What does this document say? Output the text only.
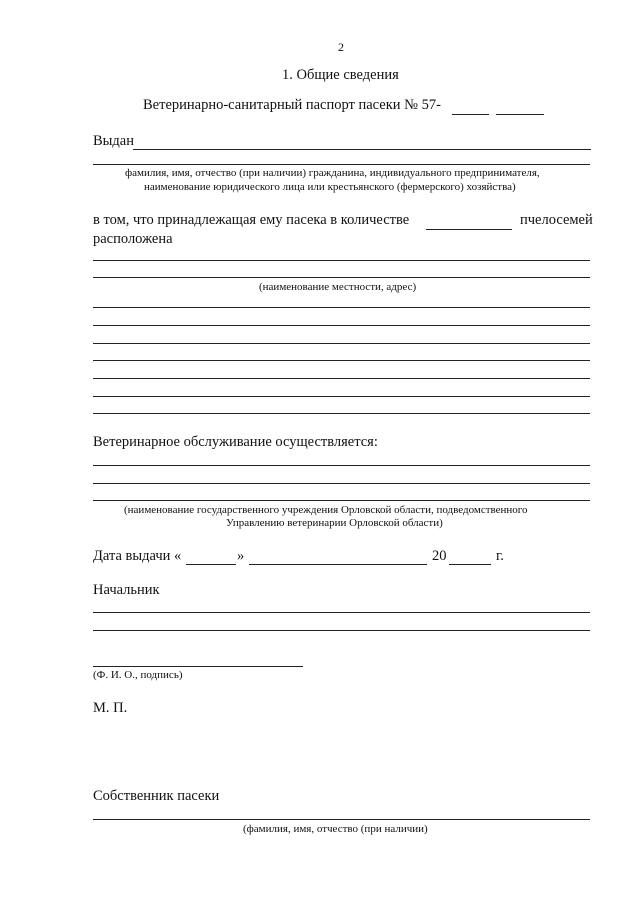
2
1. Общие сведения
Ветеринарно-санитарный паспорт пасеки № 57-
Выдан
фамилия, имя, отчество (при наличии) гражданина, индивидуального предпринимателя,
наименование юридического лица или крестьянского (фермерского) хозяйства)
в том, что принадлежащая ему пасека в количестве	пчелосемей
расположена
(наименование местности, адрес)
Ветеринарное обслуживание осуществляется:
(наименование государственного учреждения Орловской области, подведомственного
Управлению ветеринарии Орловской области)
Дата выдачи «	»	20	г.
Начальник
(Ф. И. О., подпись)
М. П.
Собственник пасеки
(фамилия, имя, отчество (при наличии)
